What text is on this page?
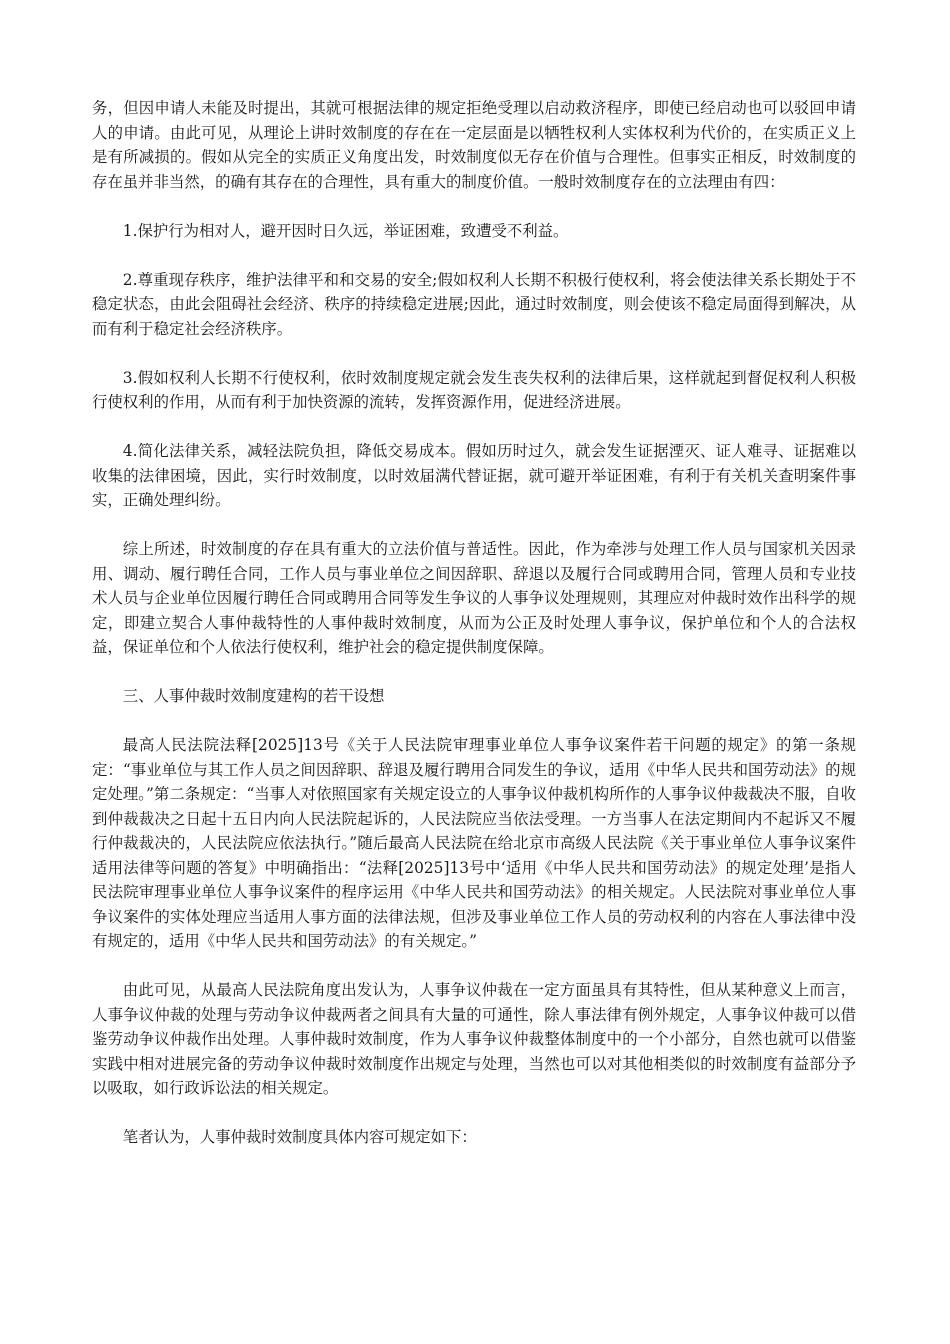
务，但因申请人未能及时提出，其就可根据法律的规定拒绝受理以启动救济程序，即使已经启动也可以驳回申请人的申请。由此可见，从理论上讲时效制度的存在在一定层面是以牺牲权利人实体权利为代价的，在实质正义上是有所减损的。假如从完全的实质正义角度出发，时效制度似无存在价值与合理性。但事实正相反，时效制度的存在虽并非当然，的确有其存在的合理性，具有重大的制度价值。一般时效制度存在的立法理由有四：

1.保护行为相对人，避开因时日久远，举证困难，致遭受不利益。

2.尊重现存秩序，维护法律平和和交易的安全;假如权利人长期不积极行使权利，将会使法律关系长期处于不稳定状态，由此会阻碍社会经济、秩序的持续稳定进展;因此，通过时效制度，则会使该不稳定局面得到解决，从而有利于稳定社会经济秩序。

3.假如权利人长期不行使权利，依时效制度规定就会发生丧失权利的法律后果，这样就起到督促权利人积极行使权利的作用，从而有利于加快资源的流转，发挥资源作用，促进经济进展。

4.简化法律关系，减轻法院负担，降低交易成本。假如历时过久，就会发生证据湮灭、证人难寻、证据难以收集的法律困境，因此，实行时效制度，以时效届满代替证据，就可避开举证困难，有利于有关机关查明案件事实，正确处理纠纷。

综上所述，时效制度的存在具有重大的立法价值与普适性。因此，作为牵涉与处理工作人员与国家机关因录用、调动、履行聘任合同，工作人员与事业单位之间因辞职、辞退以及履行合同或聘用合同，管理人员和专业技术人员与企业单位因履行聘任合同或聘用合同等发生争议的人事争议处理规则，其理应对仲裁时效作出科学的规定，即建立契合人事仲裁特性的人事仲裁时效制度，从而为公正及时处理人事争议，保护单位和个人的合法权益，保证单位和个人依法行使权利，维护社会的稳定提供制度保障。

三、人事仲裁时效制度建构的若干设想

最高人民法院法释[2025]13号《关于人民法院审理事业单位人事争议案件若干问题的规定》的第一条规定：“事业单位与其工作人员之间因辞职、辞退及履行聘用合同发生的争议，适用《中华人民共和国劳动法》的规定处理。”第二条规定：“当事人对依照国家有关规定设立的人事争议仲裁机构所作的人事争议仲裁裁决不服，自收到仲裁裁决之日起十五日内向人民法院起诉的，人民法院应当依法受理。一方当事人在法定期间内不起诉又不履行仲裁裁决的，人民法院应依法执行。”随后最高人民法院在给北京市高级人民法院《关于事业单位人事争议案件适用法律等问题的答复》中明确指出：“法释[2025]13号中‘适用《中华人民共和国劳动法》的规定处理’是指人民法院审理事业单位人事争议案件的程序运用《中华人民共和国劳动法》的相关规定。人民法院对事业单位人事争议案件的实体处理应当适用人事方面的法律法规，但涉及事业单位工作人员的劳动权利的内容在人事法律中没有规定的，适用《中华人民共和国劳动法》的有关规定。”

由此可见，从最高人民法院角度出发认为，人事争议仲裁在一定方面虽具有其特性，但从某种意义上而言，人事争议仲裁的处理与劳动争议仲裁两者之间具有大量的可通性，除人事法律有例外规定，人事争议仲裁可以借鉴劳动争议仲裁作出处理。人事仲裁时效制度，作为人事争议仲裁整体制度中的一个小部分，自然也就可以借鉴实践中相对进展完备的劳动争议仲裁时效制度作出规定与处理，当然也可以对其他相类似的时效制度有益部分予以吸取，如行政诉讼法的相关规定。

笔者认为，人事仲裁时效制度具体内容可规定如下：
